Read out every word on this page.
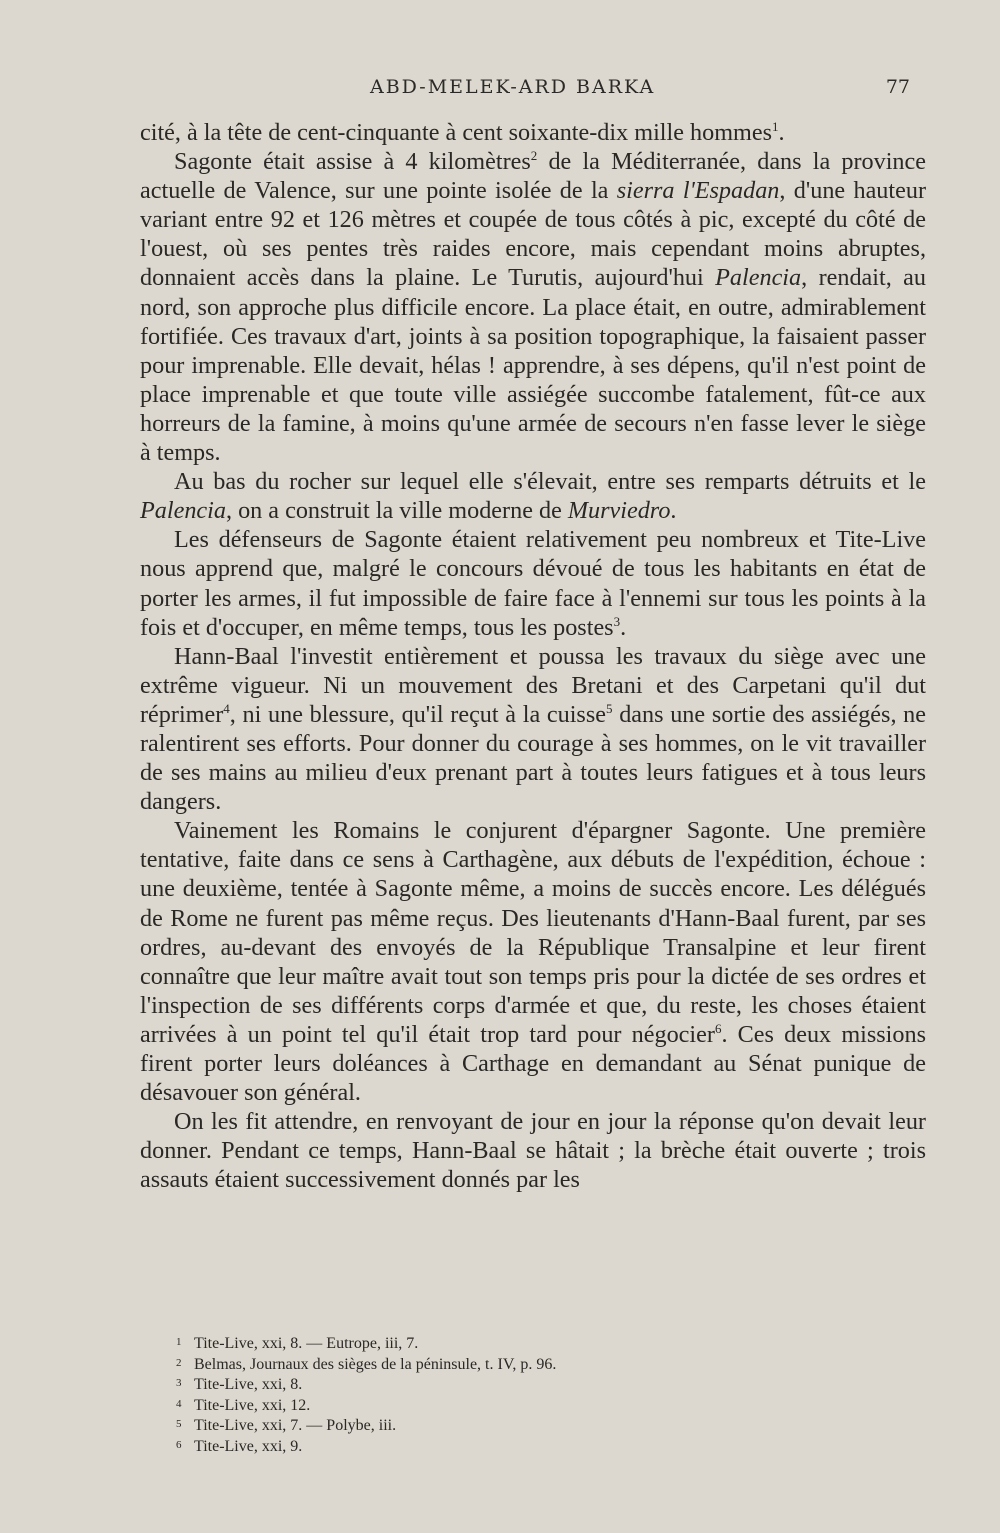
ABD-MELEK-ARD BARKA	77

cité, à la tête de cent-cinquante à cent soixante-dix mille hommes$^1$.

Sagonte était assise à 4 kilomètres$^2$ de la Méditerranée, dans la province actuelle de Valence, sur une pointe isolée de la sierra l'Espadan, d'une hauteur variant entre 92 et 126 mètres et coupée de tous côtés à pic, excepté du côté de l'ouest, où ses pentes très raides encore, mais cependant moins abruptes, donnaient accès dans la plaine. Le Turutis, aujourd'hui Palencia, rendait, au nord, son approche plus difficile encore. La place était, en outre, admirablement fortifiée. Ces travaux d'art, joints à sa position topographique, la faisaient passer pour imprenable. Elle devait, hélas ! apprendre, à ses dépens, qu'il n'est point de place imprenable et que toute ville assiégée succombe fatalement, fût-ce aux horreurs de la famine, à moins qu'une armée de secours n'en fasse lever le siège à temps.

Au bas du rocher sur lequel elle s'élevait, entre ses remparts détruits et le Palencia, on a construit la ville moderne de Murviedro.

Les défenseurs de Sagonte étaient relativement peu nombreux et Tite-Live nous apprend que, malgré le concours dévoué de tous les habitants en état de porter les armes, il fut impossible de faire face à l'ennemi sur tous les points à la fois et d'occuper, en même temps, tous les postes$^3$.

Hann-Baal l'investit entièrement et poussa les travaux du siège avec une extrême vigueur. Ni un mouvement des Bretani et des Carpetani qu'il dut réprimer$^4$, ni une blessure, qu'il reçut à la cuisse$^5$ dans une sortie des assiégés, ne ralentirent ses efforts. Pour donner du courage à ses hommes, on le vit travailler de ses mains au milieu d'eux prenant part à toutes leurs fatigues et à tous leurs dangers.

Vainement les Romains le conjurent d'épargner Sagonte. Une première tentative, faite dans ce sens à Carthagène, aux débuts de l'expédition, échoue : une deuxième, tentée à Sagonte même, a moins de succès encore. Les délégués de Rome ne furent pas même reçus. Des lieutenants d'Hann-Baal furent, par ses ordres, au-devant des envoyés de la République Transalpine et leur firent connaître que leur maître avait tout son temps pris pour la dictée de ses ordres et l'inspection de ses différents corps d'armée et que, du reste, les choses étaient arrivées à un point tel qu'il était trop tard pour négocier$^6$. Ces deux missions firent porter leurs doléances à Carthage en demandant au Sénat punique de désavouer son général.

On les fit attendre, en renvoyant de jour en jour la réponse qu'on devait leur donner. Pendant ce temps, Hann-Baal se hâtait ; la brèche était ouverte ; trois assauts étaient successivement donnés par les

1 Tite-Live, xxi, 8. — Eutrope, iii, 7.
2 Belmas, Journaux des sièges de la péninsule, t. IV, p. 96.
3 Tite-Live, xxi, 8.
4 Tite-Live, xxi, 12.
5 Tite-Live, xxi, 7. — Polybe, iii.
6 Tite-Live, xxi, 9.
